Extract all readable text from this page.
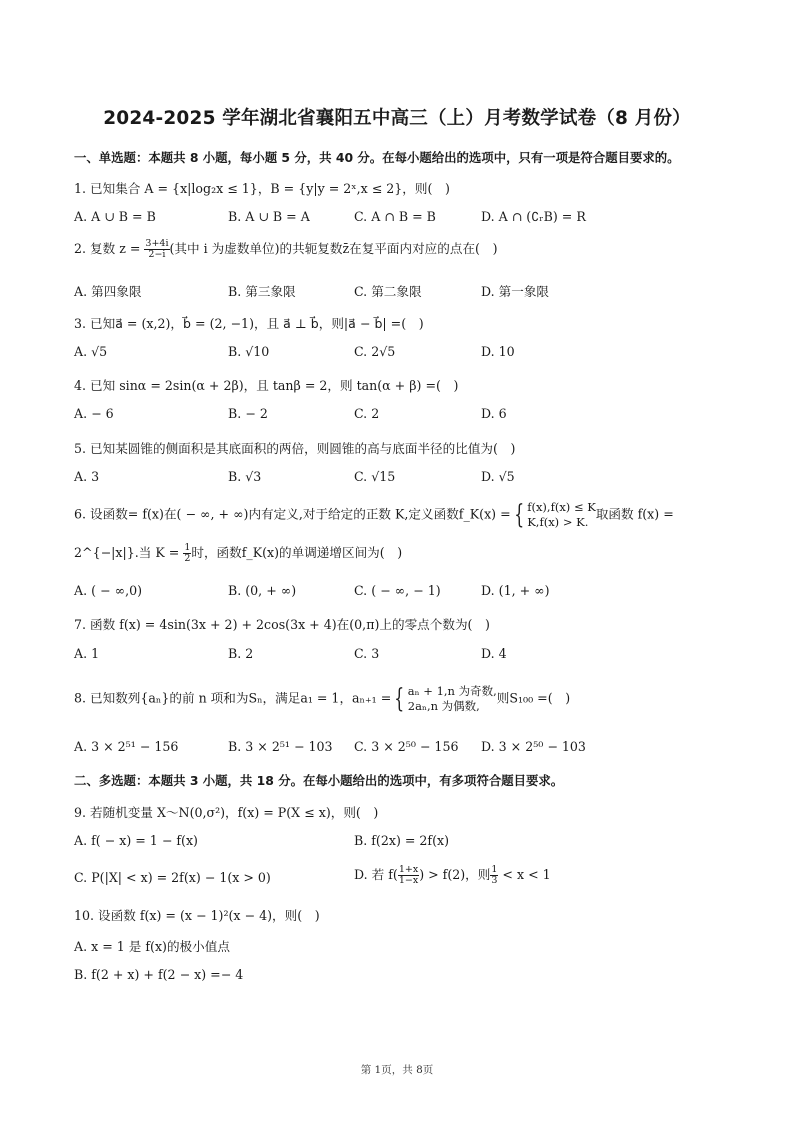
2024-2025 学年湖北省襄阳五中高三（上）月考数学试卷（8 月份）
一、单选题：本题共 8 小题，每小题 5 分，共 40 分。在每小题给出的选项中，只有一项是符合题目要求的。
1. 已知集合 A = {x|log₂x ≤ 1}，B = {y|y = 2ˣ,x ≤ 2}，则(　)
A. A ∪ B = B	B. A ∪ B = A	C. A ∩ B = B	D. A ∩ (∁ᵣB) = R
2. 复数 $z = \frac{3+4i}{2-i}$ (其中 i 为虚数单位)的共轭复数z̄在复平面内对应的点在(　)
A. 第四象限	B. 第三象限	C. 第二象限	D. 第一象限
3. 已知a⃗ = (x,2)，b⃗ = (2, −1)，且 a⃗ ⊥ b⃗，则|a⃗ − b⃗| =(　)
A. √5	B. √10	C. 2√5	D. 10
4. 已知 sinα = 2sin(α + 2β)，且 tanβ = 2，则 tan(α + β) =(　)
A. − 6	B. − 2	C. 2	D. 6
5. 已知某圆锥的侧面积是其底面积的两倍，则圆锥的高与底面半径的比值为(　)
A. 3	B. √3	C. √15	D. √5
6. 设函数= f(x)在( − ∞, + ∞)内有定义,对于给定的正数 K,定义函数f_K(x) = { f(x),f(x) ≤ K
K,f(x) > K.
取函数 f(x) =
2^{−|x|}.当 $K = \frac{1}{2}$ 时，函数f_K(x)的单调递增区间为(　)
A. ( − ∞,0)	B. (0, + ∞)	C. ( − ∞, − 1)	D. (1, + ∞)
7. 函数 f(x) = 4sin(3x + 2) + 2cos(3x + 4)在(0,π)上的零点个数为(　)
A. 1	B. 2	C. 3	D. 4
8. 已知数列{aₙ}的前 n 项和为Sₙ，满足a₁ = 1，aₙ₊₁ = { aₙ + 1,n 为奇数,
2aₙ,n 为偶数,
则S₁₀₀ =(　)
A. 3 × 2⁵¹ − 156	B. 3 × 2⁵¹ − 103 C. 3 × 2⁵⁰ − 156 D. 3 × 2⁵⁰ − 103
二、多选题：本题共 3 小题，共 18 分。在每小题给出的选项中，有多项符合题目要求。
9. 若随机变量 X～N(0,σ²)，f(x) = P(X ≤ x)，则(　)
A. f( − x) = 1 − f(x)	B. f(2x) = 2f(x)
C. P(|X| < x) = 2f(x) − 1(x > 0)	D. 若 $f( \frac{1+x}{1-x}$ ) > f(2)，则 $\frac{1}{3} < x < 1$
10. 设函数 f(x) = (x − 1)²(x − 4)，则(　)
A. x = 1 是 f(x)的极小值点
B. f(2 + x) + f(2 − x) =− 4
第 1页，共 8页
